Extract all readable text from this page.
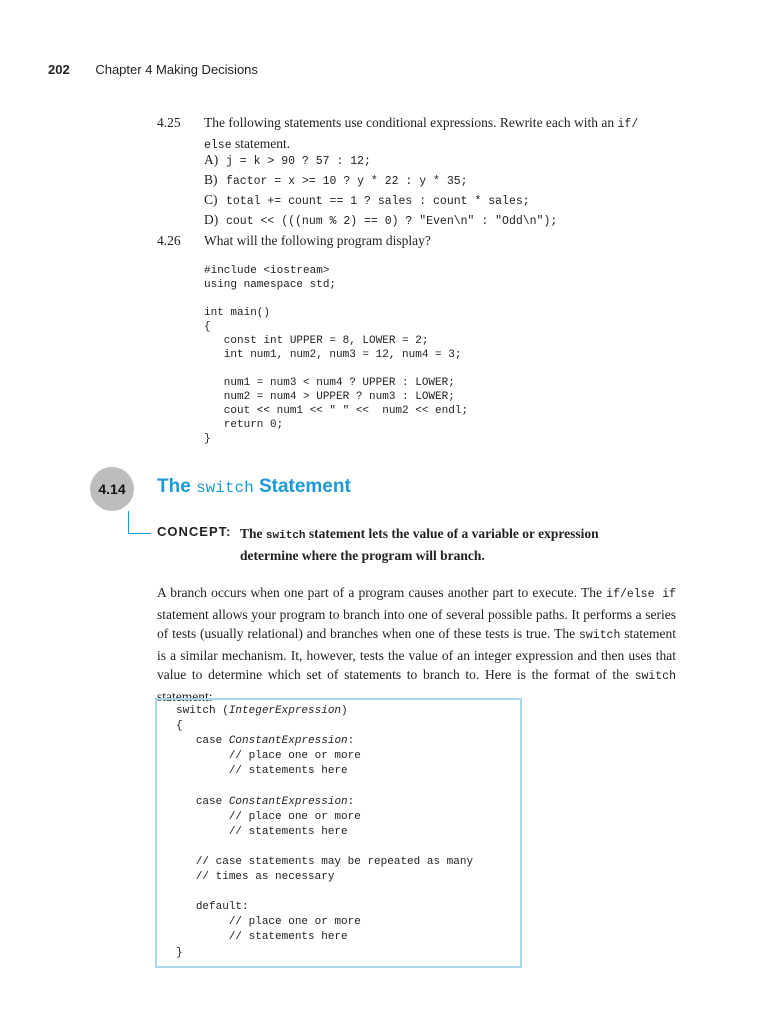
202 Chapter 4 Making Decisions
4.25 The following statements use conditional expressions. Rewrite each with an if/
else statement.
A) j = k > 90 ? 57 : 12;
B) factor = x >= 10 ? y * 22 : y * 35;
C) total += count == 1 ? sales : count * sales;
D) cout << (((num % 2) == 0) ? "Even\n" : "Odd\n");
4.26 What will the following program display?
#include <iostream>
using namespace std;

int main()
{
const int UPPER = 8, LOWER = 2;
int num1, num2, num3 = 12, num4 = 3;

num1 = num3 < num4 ? UPPER : LOWER;
num2 = num4 > UPPER ? num3 : LOWER;
cout << num1 << " " <<  num2 << endl;
return 0;
}
4.14	The switch Statement
CONCEPT: The switch statement lets the value of a variable or expression determine where the program will branch.
A branch occurs when one part of a program causes another part to execute. The if/else if statement allows your program to branch into one of several possible paths. It performs a series of tests (usually relational) and branches when one of these tests is true. The switch statement is a similar mechanism. It, however, tests the value of an integer expression and then uses that value to determine which set of statements to branch to. Here is the format of the switch statement:
switch (IntegerExpression)
{
case ConstantExpression:
// place one or more
// statements here

case ConstantExpression:
// place one or more
// statements here

// case statements may be repeated as many
// times as necessary

default:
// place one or more
// statements here
}
